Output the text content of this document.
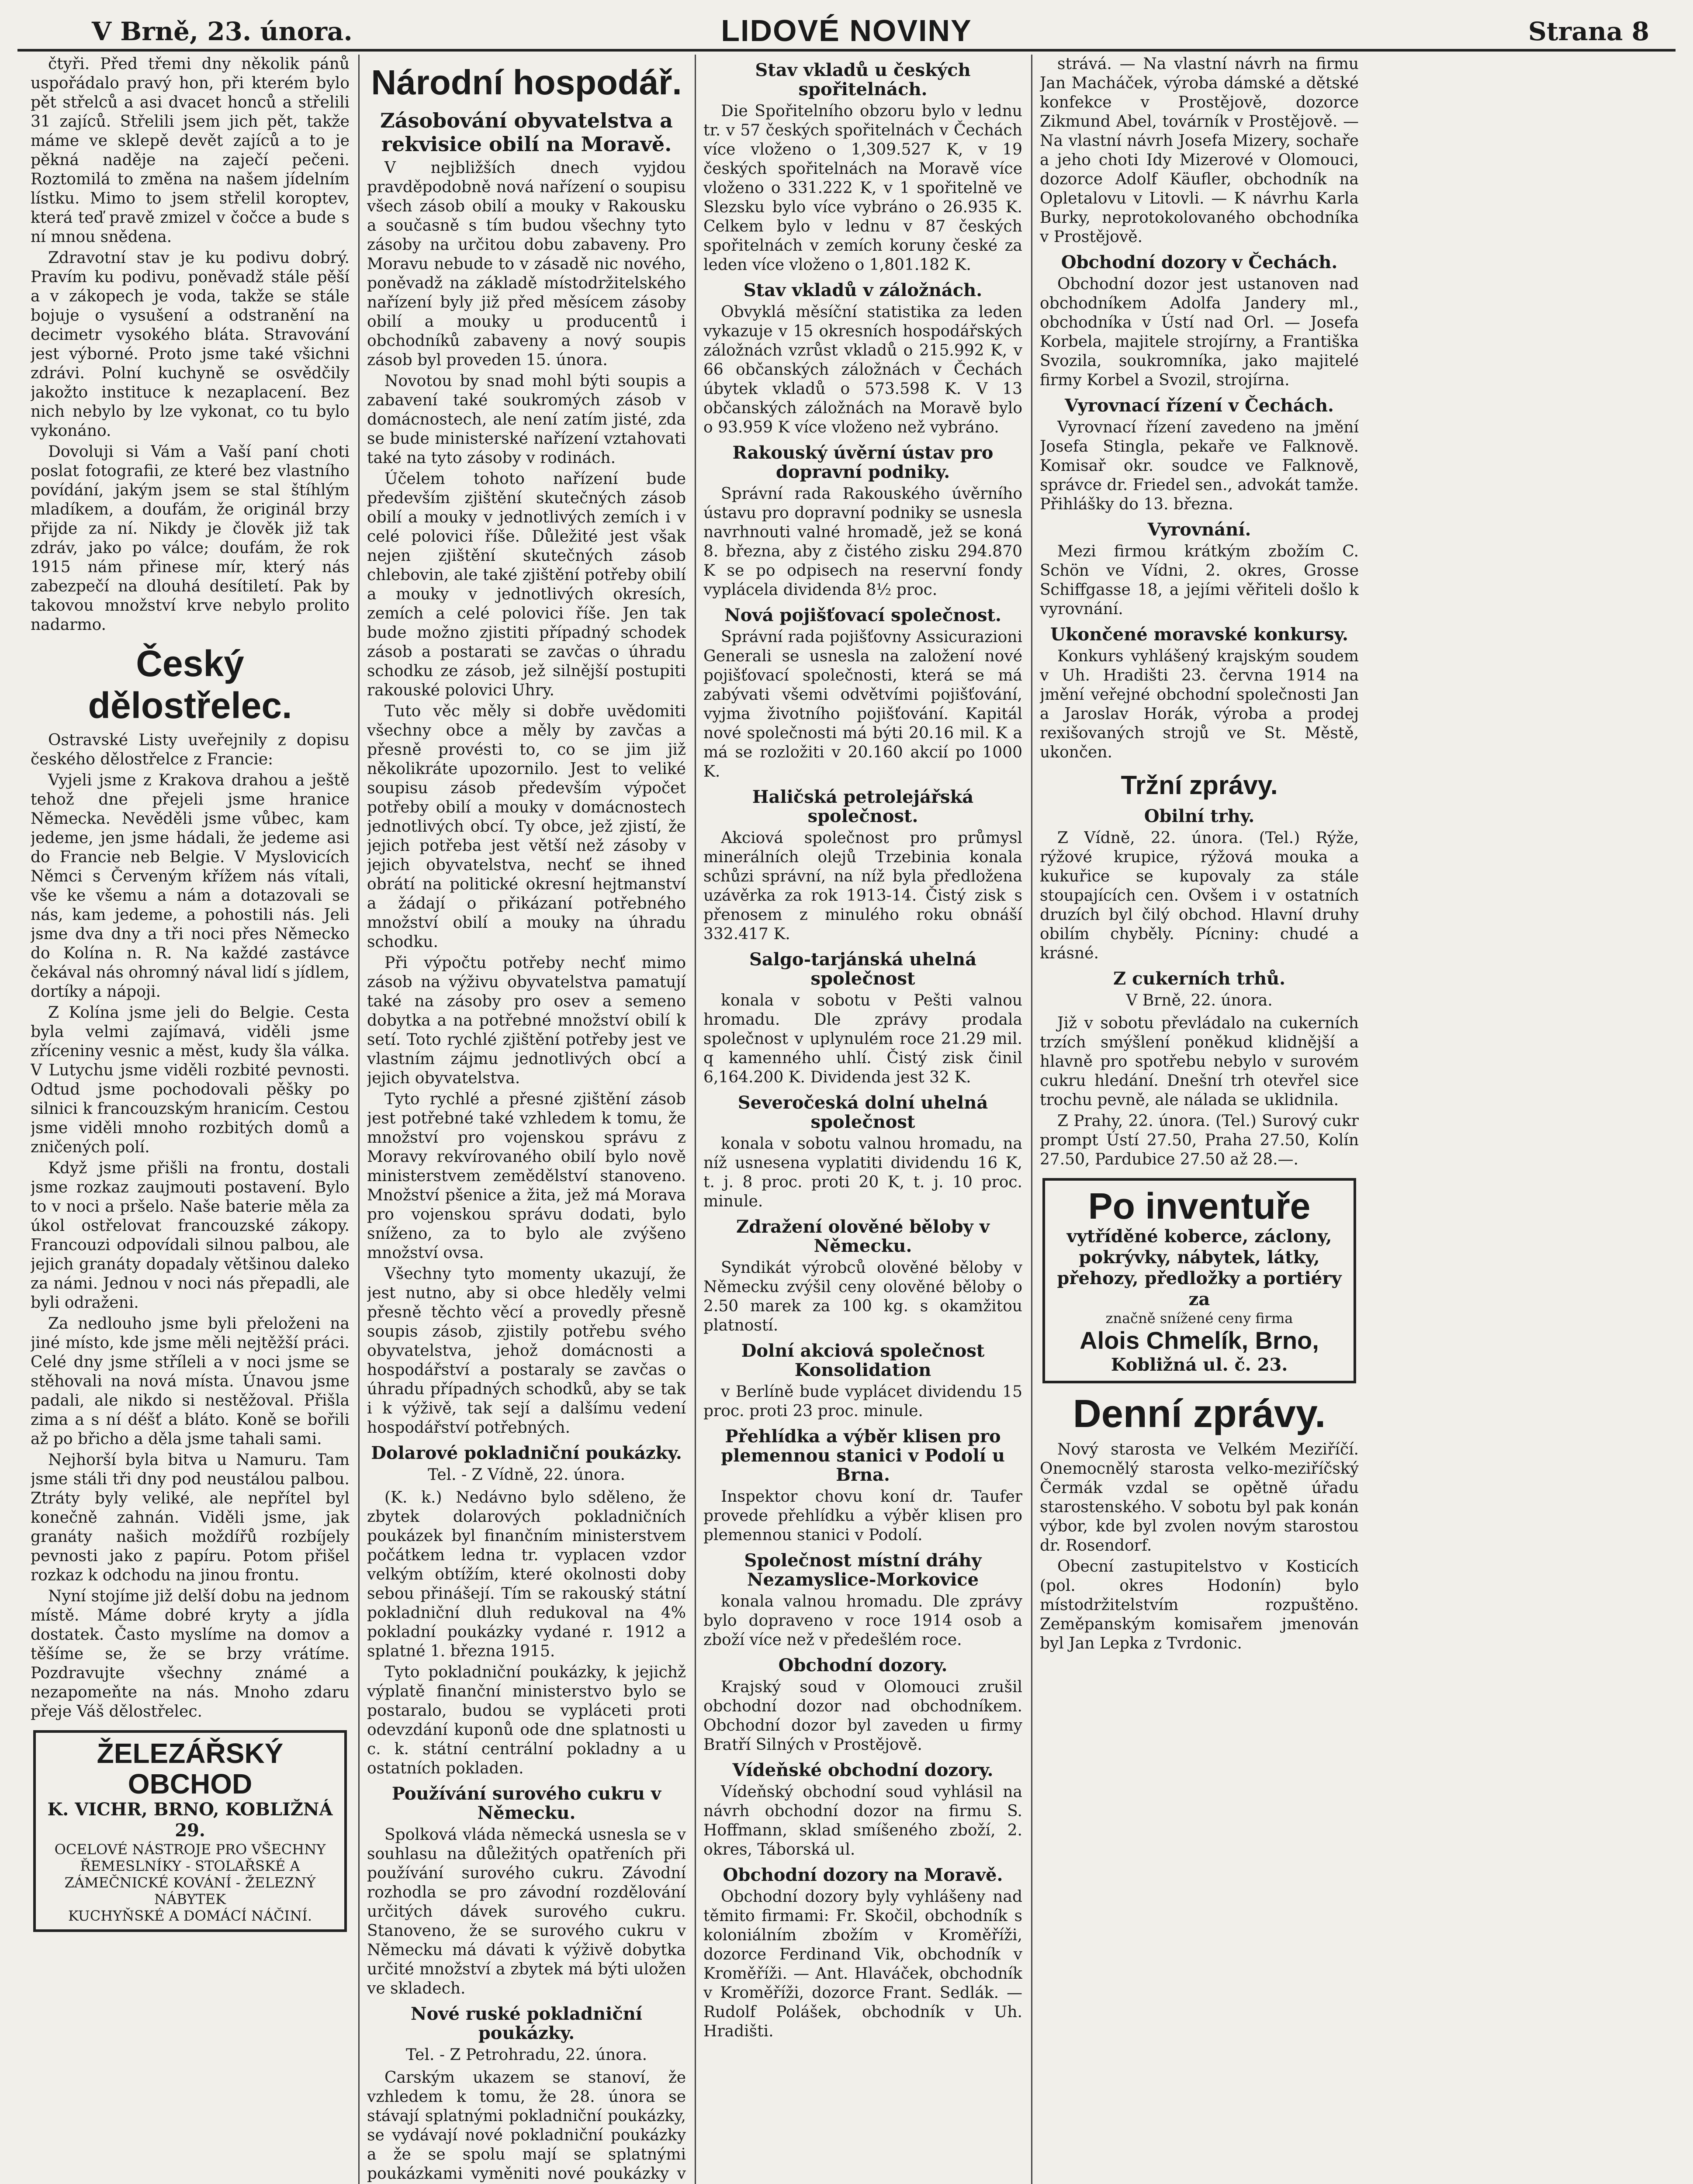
V Brně, 23. února.	LIDOVÉ NOVINY	Strana 8

čtyři. Před třemi dny několik pánů uspořádalo pravý hon, při kterém bylo pět střelců a asi dvacet honců a střelili 31 zajíců. Střelili jsem jich pět, takže máme ve sklepě devět zajíců a to je pěkná naděje na zaječí pečeni. Roztomilá to změna na našem jídelním lístku. Mimo to jsem střelil koroptev, která teď pravě zmizel v čočce a bude s ní mnou snědena.

Zdravotní stav je ku podivu dobrý. Pravím ku podivu, poněvadž stále pěší a v zákopech je voda, takže se stále bojuje o vysušení a odstranění na decimetr vysokého bláta. Stravování jest výborné. Proto jsme také všichni zdrávi. Polní kuchyně se osvědčily jakožto instituce k nezaplacení. Bez nich nebylo by lze vykonat, co tu bylo vykonáno.

Dovoluji si Vám a Vaší paní choti poslat fotografii, ze které bez vlastního povídání, jakým jsem se stal štíhlým mladíkem, a doufám, že originál brzy přijde za ní. Nikdy je člověk již tak zdráv, jako po válce; doufám, že rok 1915 nám přinese mír, který nás zabezpečí na dlouhá desítiletí. Pak by takovou množství krve nebylo prolito nadarmo.

Český dělostřelec.

Ostravské Listy uveřejnily z dopisu českého dělostřelce z Francie:

Vyjeli jsme z Krakova drahou a ještě tehož dne přejeli jsme hranice Německa. Nevěděli jsme vůbec, kam jedeme, jen jsme hádali, že jedeme asi do Francie neb Belgie. V Myslovicích Němci s Červeným křížem nás vítali, vše ke všemu a nám a dotazovali se nás, kam jedeme, a pohostili nás. Jeli jsme dva dny a tři noci přes Německo do Kolína n. R. Na každé zastávce čekával nás ohromný nával lidí s jídlem, dortíky a nápoji.

Z Kolína jsme jeli do Belgie. Cesta byla velmi zajímavá, viděli jsme zříceniny vesnic a měst, kudy šla válka. V Lutychu jsme viděli rozbité pevnosti. Odtud jsme pochodovali pěšky po silnici k francouzským hranicím. Cestou jsme viděli mnoho rozbitých domů a zničených polí.

Když jsme přišli na frontu, dostali jsme rozkaz zaujmouti postavení. Bylo to v noci a pršelo. Naše baterie měla za úkol ostřelovat francouzské zákopy. Francouzi odpovídali silnou palbou, ale jejich granáty dopadaly většinou daleko za námi. Jednou v noci nás přepadli, ale byli odraženi.

Za nedlouho jsme byli přeloženi na jiné místo, kde jsme měli nejtěžší práci. Celé dny jsme stříleli a v noci jsme se stěhovali na nová místa. Únavou jsme padali, ale nikdo si nestěžoval. Přišla zima a s ní déšť a bláto. Koně se bořili až po břicho a děla jsme tahali sami.

Nejhorší byla bitva u Namuru. Tam jsme stáli tři dny pod neustálou palbou. Ztráty byly veliké, ale nepřítel byl konečně zahnán. Viděli jsme, jak granáty našich moždířů rozbíjely pevnosti jako z papíru. Potom přišel rozkaz k odchodu na jinou frontu.

Nyní stojíme již delší dobu na jednom místě. Máme dobré kryty a jídla dostatek. Často myslíme na domov a těšíme se, že se brzy vrátíme. Pozdravujte všechny známé a nezapomeňte na nás. Mnoho zdaru přeje Váš dělostřelec.

ŽELEZÁŘSKÝ OBCHOD
K. VICHR, BRNO, KOBLIŽNÁ 29.
OCELOVÉ NÁSTROJE PRO VŠECHNY
ŘEMESLNÍKY - STOLAŘSKÉ A ZÁMEČNICKÉ KOVÁNÍ - ŽELEZNÝ NÁBYTEK
KUCHYŇSKÉ A DOMÁCÍ NÁČINÍ.
Národní hospodář.
Zásobování obyvatelstva a rekvisice obilí na Moravě.

V nejbližších dnech vyjdou pravděpodobně nová nařízení o soupisu všech zásob obilí a mouky v Rakousku a současně s tím budou všechny tyto zásoby na určitou dobu zabaveny. Pro Moravu nebude to v zásadě nic nového, poněvadž na základě místodržitelského nařízení byly již před měsícem zásoby obilí a mouky u producentů i obchodníků zabaveny a nový soupis zásob byl proveden 15. února.

Novotou by snad mohl býti soupis a zabavení také soukromých zásob v domácnostech, ale není zatím jisté, zda se bude ministerské nařízení vztahovati také na tyto zásoby v rodinách.

Účelem tohoto nařízení bude především zjištění skutečných zásob obilí a mouky v jednotlivých zemích i v celé polovici říše. Důležité jest však nejen zjištění skutečných zásob chlebovin, ale také zjištění potřeby obilí a mouky v jednotlivých okresích, zemích a celé polovici říše. Jen tak bude možno zjistiti případný schodek zásob a postarati se zavčas o úhradu schodku ze zásob, jež silnější postupiti rakouské polovici Uhry.

Tuto věc měly si dobře uvědomiti všechny obce a měly by zavčas a přesně provésti to, co se jim již několikráte upozornilo. Jest to veliké soupisu zásob především výpočet potřeby obilí a mouky v domácnostech jednotlivých obcí. Ty obce, jež zjistí, že jejich potřeba jest větší než zásoby v jejich obyvatelstva, nechť se ihned obrátí na politické okresní hejtmanství a žádají o přikázaní potřebného množství obilí a mouky na úhradu schodku.

Při výpočtu potřeby nechť mimo zásob na výživu obyvatelstva pamatují také na zásoby pro osev a semeno dobytka a na potřebné množství obilí k setí. Toto rychlé zjištění potřeby jest ve vlastním zájmu jednotlivých obcí a jejich obyvatelstva.

Tyto rychlé a přesné zjištění zásob jest potřebné také vzhledem k tomu, že množství pro vojenskou správu z Moravy rekvírovaného obilí bylo nově ministerstvem zemědělství stanoveno. Množství pšenice a žita, jež má Morava pro vojenskou správu dodati, bylo sníženo, za to bylo ale zvýšeno množství ovsa.

Všechny tyto momenty ukazují, že jest nutno, aby si obce hleděly velmi přesně těchto věcí a provedly přesně soupis zásob, zjistily potřebu svého obyvatelstva, jehož domácnosti a hospodářství a postaraly se zavčas o úhradu případných schodků, aby se tak i k výživě, tak sejí a dalšímu vedení hospodářství potřebných.

Dolarové pokladniční poukázky.
Tel. - Z Vídně, 22. února.

(K. k.) Nedávno bylo sděleno, že zbytek dolarových pokladničních poukázek byl finančním ministerstvem počátkem ledna tr. vyplacen vzdor velkým obtížím, které okolnosti doby sebou přinášejí. Tím se rakouský státní pokladniční dluh redukoval na 4% pokladní poukázky vydané r. 1912 a splatné 1. března 1915.

Tyto pokladniční poukázky, k jejichž výplatě finanční ministerstvo bylo se postaralo, budou se vypláceti proti odevzdání kuponů ode dne splatnosti u c. k. státní centrální pokladny a u ostatních pokladen.

Používání surového cukru v Německu.

Spolková vláda německá usnesla se v souhlasu na důležitých opatřeních při používání surového cukru. Závodní rozhodla se pro závodní rozdělování určitých dávek surového cukru. Stanoveno, že se surového cukru v Německu má dávati k výživě dobytka určité množství a zbytek má býti uložen ve skladech.

Nové ruské pokladniční poukázky.
Tel. - Z Petrohradu, 22. února.

Carským ukazem se stanoví, že vzhledem k tomu, že 28. února se stávají splatnými pokladniční poukázky, se vydávají nové pokladniční poukázky a že se spolu mají se splatnými poukázkami vyměniti nové poukázky v

Stav vkladů u českých spořitelnách.

Die Spořitelního obzoru bylo v lednu tr. v 57 českých spořitelnách v Čechách více vloženo o 1,309.527 K, v 19 českých spořitelnách na Moravě více vloženo o 331.222 K, v 1 spořitelně ve Slezsku bylo více vybráno o 26.935 K. Celkem bylo v lednu v 87 českých spořitelnách v zemích koruny české za leden více vloženo o 1,801.182 K.

Stav vkladů v záložnách.

Obvyklá měsíční statistika za leden vykazuje v 15 okresních hospodářských záložnách vzrůst vkladů o 215.992 K, v 66 občanských záložnách v Čechách úbytek vkladů o 573.598 K. V 13 občanských záložnách na Moravě bylo o 93.959 K více vloženo než vybráno.

Rakouský úvěrní ústav pro dopravní podniky.

Správní rada Rakouského úvěrního ústavu pro dopravní podniky se usnesla navrhnouti valné hromadě, jež se koná 8. března, aby z čistého zisku 294.870 K se po odpisech na reservní fondy vyplácela dividenda 8½ proc.

Nová pojišťovací společnost.

Správní rada pojišťovny Assicurazioni Generali se usnesla na založení nové pojišťovací společnosti, která se má zabývati všemi odvětvími pojišťování, vyjma životního pojišťování. Kapitál nové společnosti má býti 20.16 mil. K a má se rozložiti v 20.160 akcií po 1000 K.

Haličská petrolejářská společnost.

Akciová společnost pro průmysl minerálních olejů Trzebinia konala schůzi správní, na níž byla předložena uzávěrka za rok 1913-14. Čistý zisk s přenosem z minulého roku obnáší 332.417 K.

Salgo-tarjánská uhelná společnost

konala v sobotu v Pešti valnou hromadu. Dle zprávy prodala společnost v uplynulém roce 21.29 mil. q kamenného uhlí. Čistý zisk činil 6,164.200 K. Dividenda jest 32 K.

Severočeská dolní uhelná společnost

konala v sobotu valnou hromadu, na níž usnesena vyplatiti dividendu 16 K, t. j. 8 proc. proti 20 K, t. j. 10 proc. minule.

Zdražení olověné běloby v Německu.

Syndikát výrobců olověné běloby v Německu zvýšil ceny olověné běloby o 2.50 marek za 100 kg. s okamžitou platností.

Dolní akciová společnost Konsolidation

v Berlíně bude vyplácet dividendu 15 proc. proti 23 proc. minule.

Přehlídka a výběr klisen pro plemennou stanici v Podolí u Brna.

Inspektor chovu koní dr. Taufer provede přehlídku a výběr klisen pro plemennou stanici v Podolí.

Společnost místní dráhy Nezamyslice-Morkovice

konala valnou hromadu. Dle zprávy bylo dopraveno v roce 1914 osob a zboží více než v předešlém roce.

Obchodní dozory.

Krajský soud v Olomouci zrušil obchodní dozor nad obchodníkem. Obchodní dozor byl zaveden u firmy Bratří Silných v Prostějově.

Vídeňské obchodní dozory.

Vídeňský obchodní soud vyhlásil na návrh obchodní dozor na firmu S. Hoffmann, sklad smíšeného zboží, 2. okres, Táborská ul.

Obchodní dozory na Moravě.

Obchodní dozory byly vyhlášeny nad těmito firmami: Fr. Skočil, obchodník s koloniálním zbožím v Kroměříži, dozorce Ferdinand Vik, obchodník v Kroměříži. — Ant. Hlaváček, obchodník v Kroměříži, dozorce Frant. Sedlák. — Rudolf Polášek, obchodník v Uh. Hradišti.

strává. — Na vlastní návrh na firmu Jan Macháček, výroba dámské a dětské konfekce v Prostějově, dozorce Zikmund Abel, továrník v Prostějově. — Na vlastní návrh Josefa Mizery, sochaře a jeho choti Idy Mizerové v Olomouci, dozorce Adolf Käufler, obchodník na Opletalovu v Litovli. — K návrhu Karla Burky, neprotokolovaného obchodníka v Prostějově.

Obchodní dozory v Čechách.

Obchodní dozor jest ustanoven nad obchodníkem Adolfa Jandery ml., obchodníka v Ústí nad Orl. — Josefa Korbela, majitele strojírny, a Františka Svozila, soukromníka, jako majitelé firmy Korbel a Svozil, strojírna.

Vyrovnací řízení v Čechách.

Vyrovnací řízení zavedeno na jmění Josefa Stingla, pekaře ve Falknově. Komisař okr. soudce ve Falknově, správce dr. Friedel sen., advokát tamže. Přihlášky do 13. března.

Vyrovnání.

Mezi firmou krátkým zbožím C. Schön ve Vídni, 2. okres, Grosse Schiffgasse 18, a jejími věřiteli došlo k vyrovnání.

Ukončené moravské konkursy.

Konkurs vyhlášený krajským soudem v Uh. Hradišti 23. června 1914 na jmění veřejné obchodní společnosti Jan a Jaroslav Horák, výroba a prodej rexišovaných strojů ve St. Městě, ukončen.

Tržní zprávy.
Obilní trhy.

Z Vídně, 22. února. (Tel.) Rýže, rýžové krupice, rýžová mouka a kukuřice se kupovaly za stále stoupajících cen. Ovšem i v ostatních druzích byl čilý obchod. Hlavní druhy obilím chyběly. Pícniny: chudé a krásné.

Z cukerních trhů.
V Brně, 22. února.

Již v sobotu převládalo na cukerních trzích smýšlení poněkud klidnější a hlavně pro spotřebu nebylo v surovém cukru hledání. Dnešní trh otevřel sice trochu pevně, ale nálada se uklidnila.

Z Prahy, 22. února. (Tel.) Surový cukr prompt Ústí 27.50, Praha 27.50, Kolín 27.50, Pardubice 27.50 až 28.—.

Po inventuře
vytříděné koberce, záclony, pokrývky, nábytek, látky, přehozy, předložky a portiéry za
značně snížené ceny firma
Alois Chmelík, Brno,
Kobližná ul. č. 23.
Denní zprávy.

Nový starosta ve Velkém Meziříčí. Onemocnělý starosta velko-meziříčský Čermák vzdal se opětně úřadu starostenského. V sobotu byl pak konán výbor, kde byl zvolen novým starostou dr. Rosendorf.

Obecní zastupitelstvo v Kosticích (pol. okres Hodonín) bylo místodržitelstvím rozpuštěno. Zeměpanským komisařem jmenován byl Jan Lepka z Tvrdonic.
